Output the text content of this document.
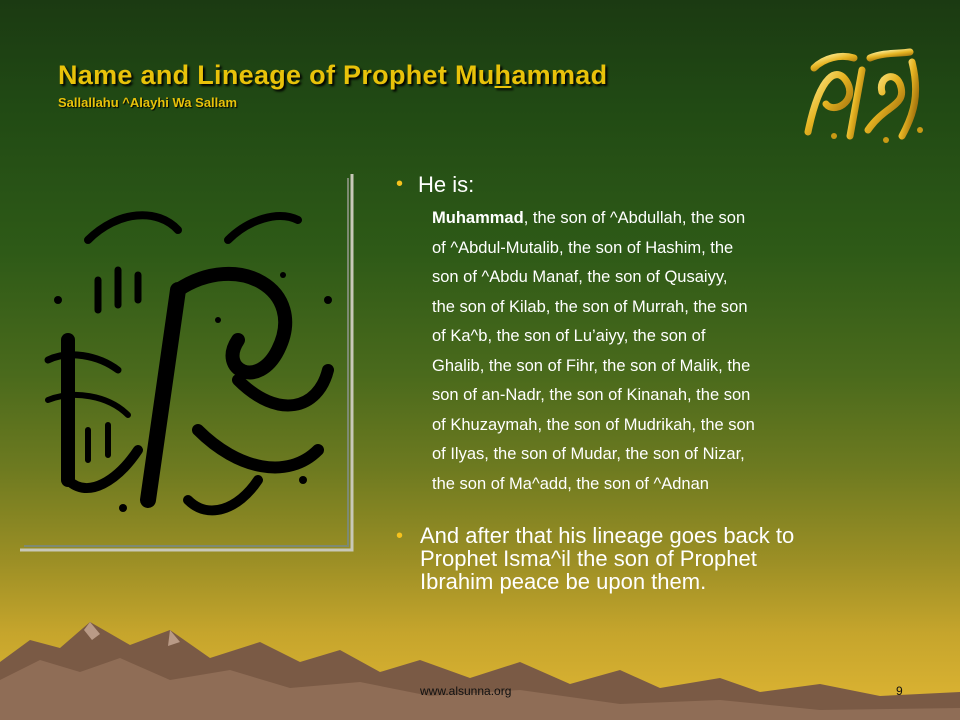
Name and Lineage of Prophet Muhammad

Sallallahu ^Alayhi Wa Sallam

• He is:

Muhammad, the son of ^Abdullah, the son
of ^Abdul-Mutalib, the son of Hashim, the
son of ^Abdu Manaf, the son of Qusaiyy,
the son of Kilab, the son of Murrah, the son
of Ka^b, the son of Lu’aiyy, the son of
Ghalib, the son of Fihr, the son of Malik, the
son of an-Nadr, the son of Kinanah, the son
of Khuzaymah, the son of Mudrikah, the son
of Ilyas, the son of Mudar, the son of Nizar,
the son of Ma^add, the son of ^Adnan
• And after that his lineage goes back to
Prophet Isma^il the son of Prophet
Ibrahim peace be upon them.
www.alsunna.org	9
